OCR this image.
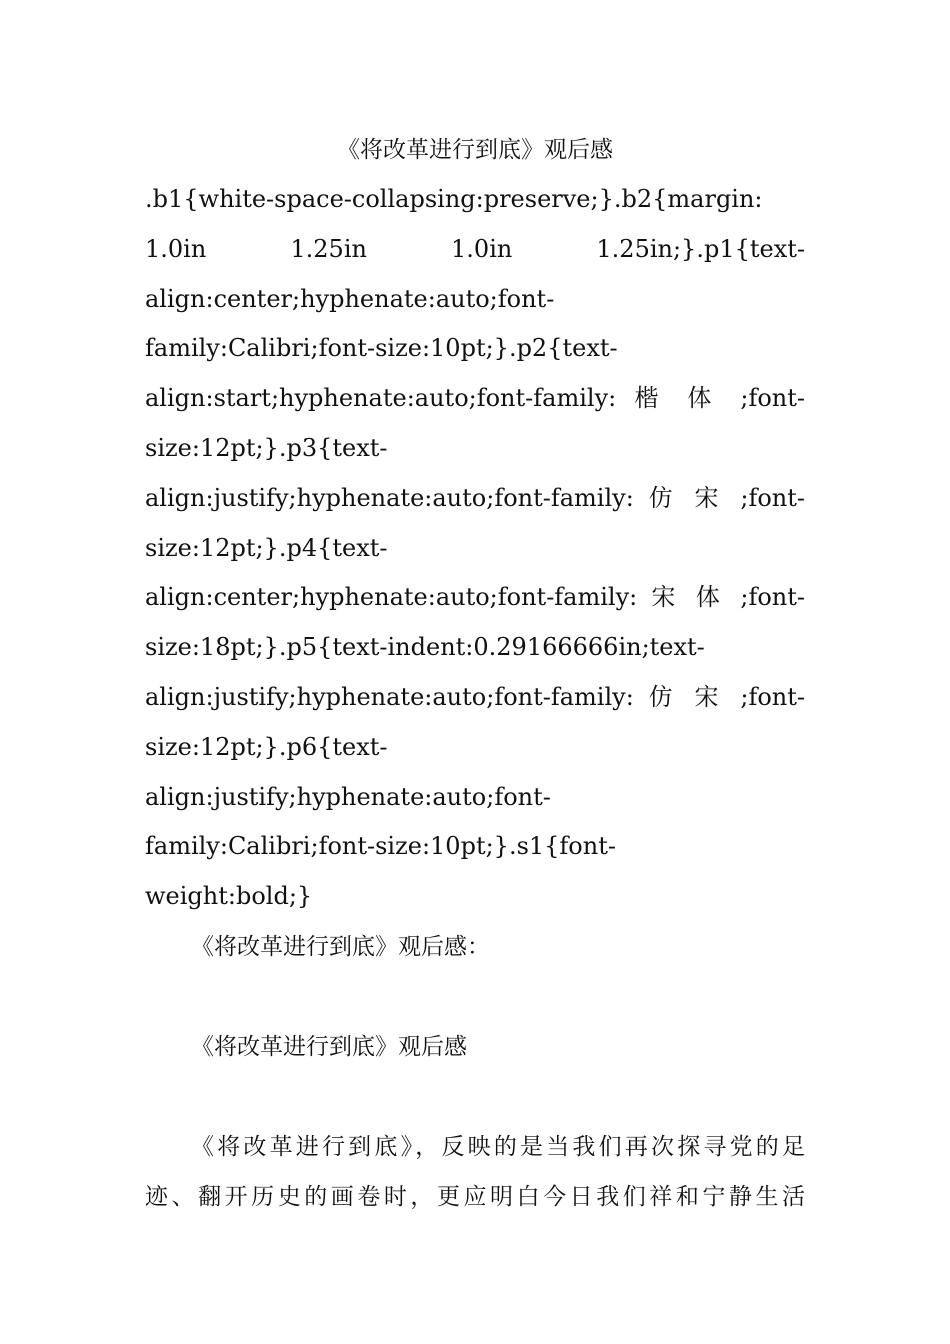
《将改革进行到底》观后感
.b1{white-space-collapsing:preserve;}.b2{margin:
1.0in 1.25in 1.0in 1.25in;}.p1{text-
align:center;hyphenate:auto;font-
family:Calibri;font-size:10pt;}.p2{text-
align:start;hyphenate:auto;font-family: 楷 体 ;font-
size:12pt;}.p3{text-
align:justify;hyphenate:auto;font-family: 仿 宋 ;font-
size:12pt;}.p4{text-
align:center;hyphenate:auto;font-family: 宋 体 ;font-
size:18pt;}.p5{text-indent:0.29166666in;text-
align:justify;hyphenate:auto;font-family: 仿 宋 ;font-
size:12pt;}.p6{text-
align:justify;hyphenate:auto;font-
family:Calibri;font-size:10pt;}.s1{font-
weight:bold;}

《将改革进行到底》观后感：

《将改革进行到底》观后感

《将改革进行到底》，反映的是当我们再次探寻党的足
迹、翻开历史的画卷时，更应明白今日我们祥和宁静生活
